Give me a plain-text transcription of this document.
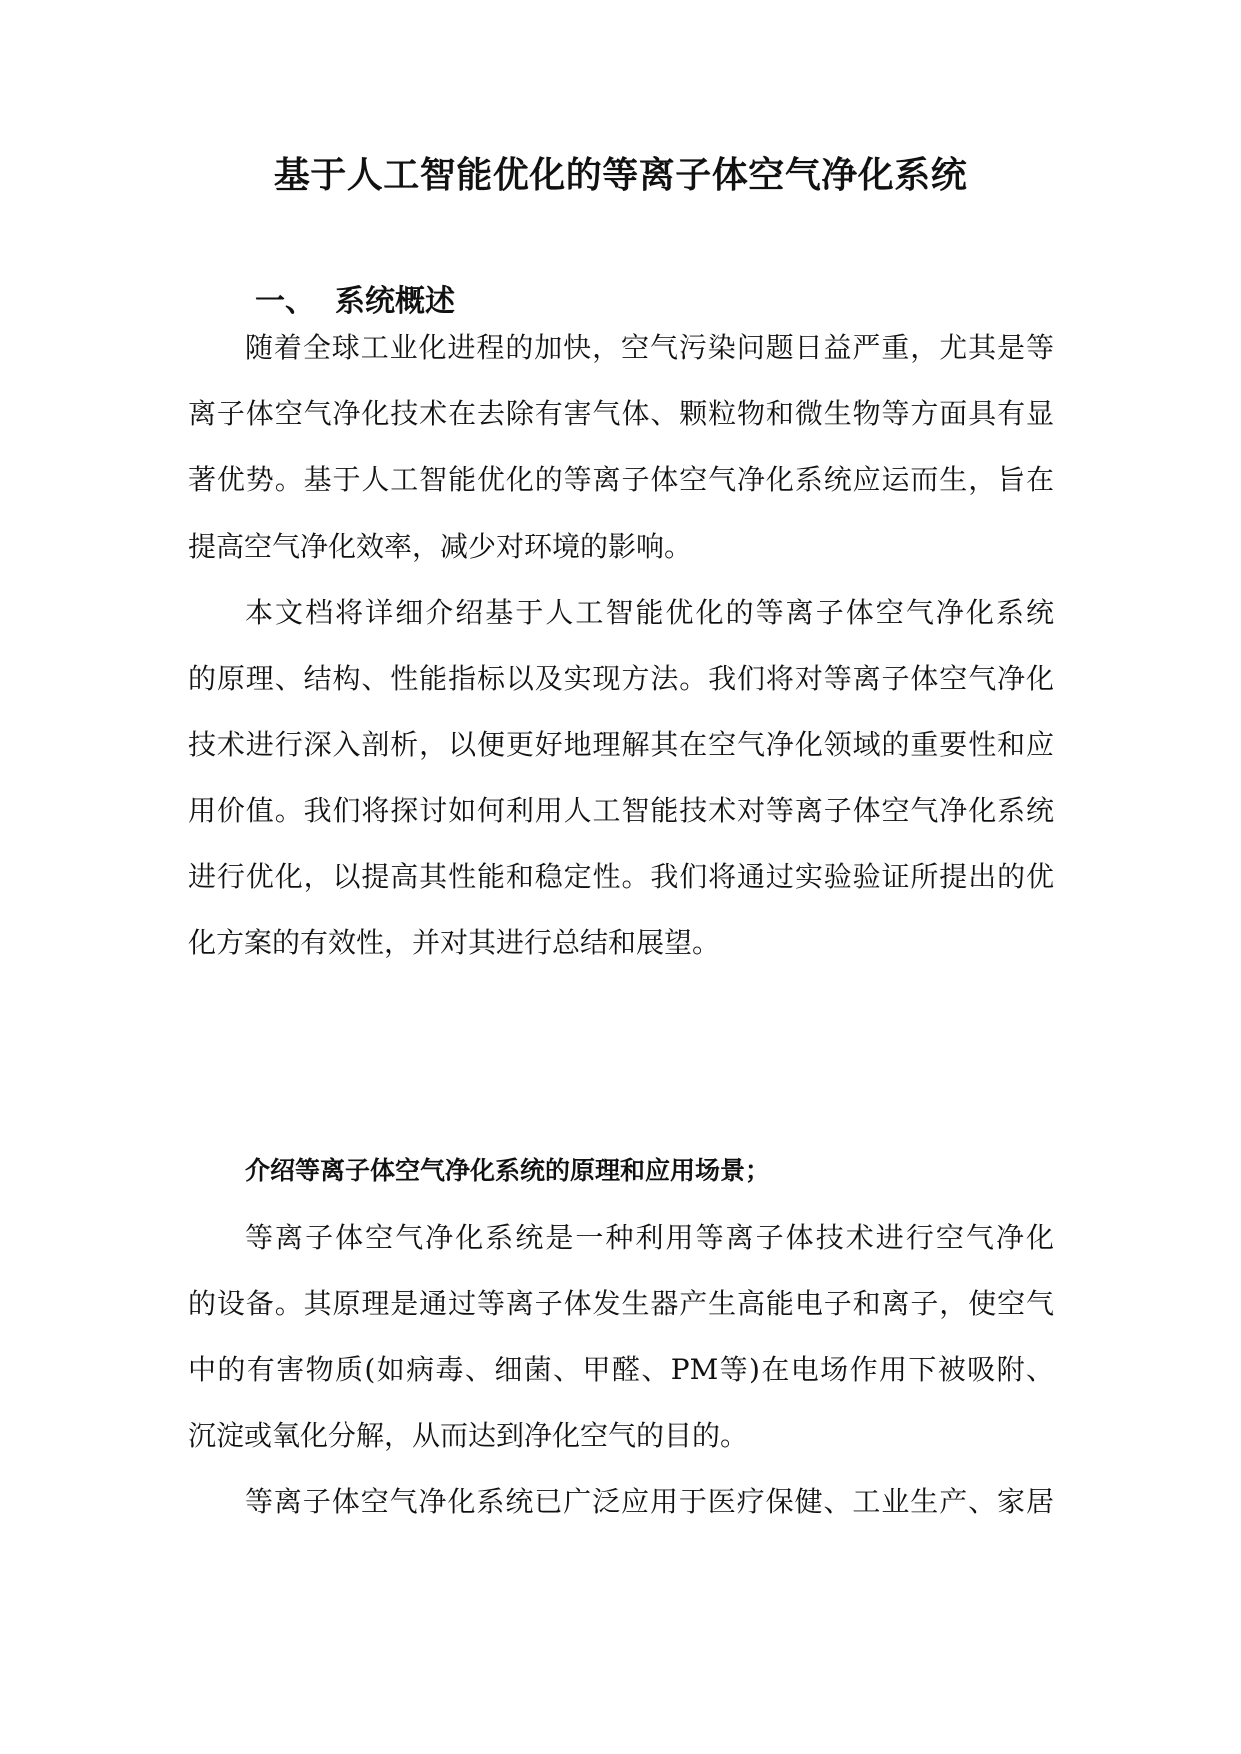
基于人工智能优化的等离子体空气净化系统
一、 系统概述
随着全球工业化进程的加快，空气污染问题日益严重，尤其是等
离子体空气净化技术在去除有害气体、颗粒物和微生物等方面具有显
著优势。基于人工智能优化的等离子体空气净化系统应运而生，旨在
提高空气净化效率，减少对环境的影响。
本文档将详细介绍基于人工智能优化的等离子体空气净化系统
的原理、结构、性能指标以及实现方法。我们将对等离子体空气净化
技术进行深入剖析，以便更好地理解其在空气净化领域的重要性和应
用价值。我们将探讨如何利用人工智能技术对等离子体空气净化系统
进行优化，以提高其性能和稳定性。我们将通过实验验证所提出的优
化方案的有效性，并对其进行总结和展望。
介绍等离子体空气净化系统的原理和应用场景；
等离子体空气净化系统是一种利用等离子体技术进行空气净化
的设备。其原理是通过等离子体发生器产生高能电子和离子，使空气
中的有害物质(如病毒、细菌、甲醛、PM等)在电场作用下被吸附、
沉淀或氧化分解，从而达到净化空气的目的。
等离子体空气净化系统已广泛应用于医疗保健、工业生产、家居
